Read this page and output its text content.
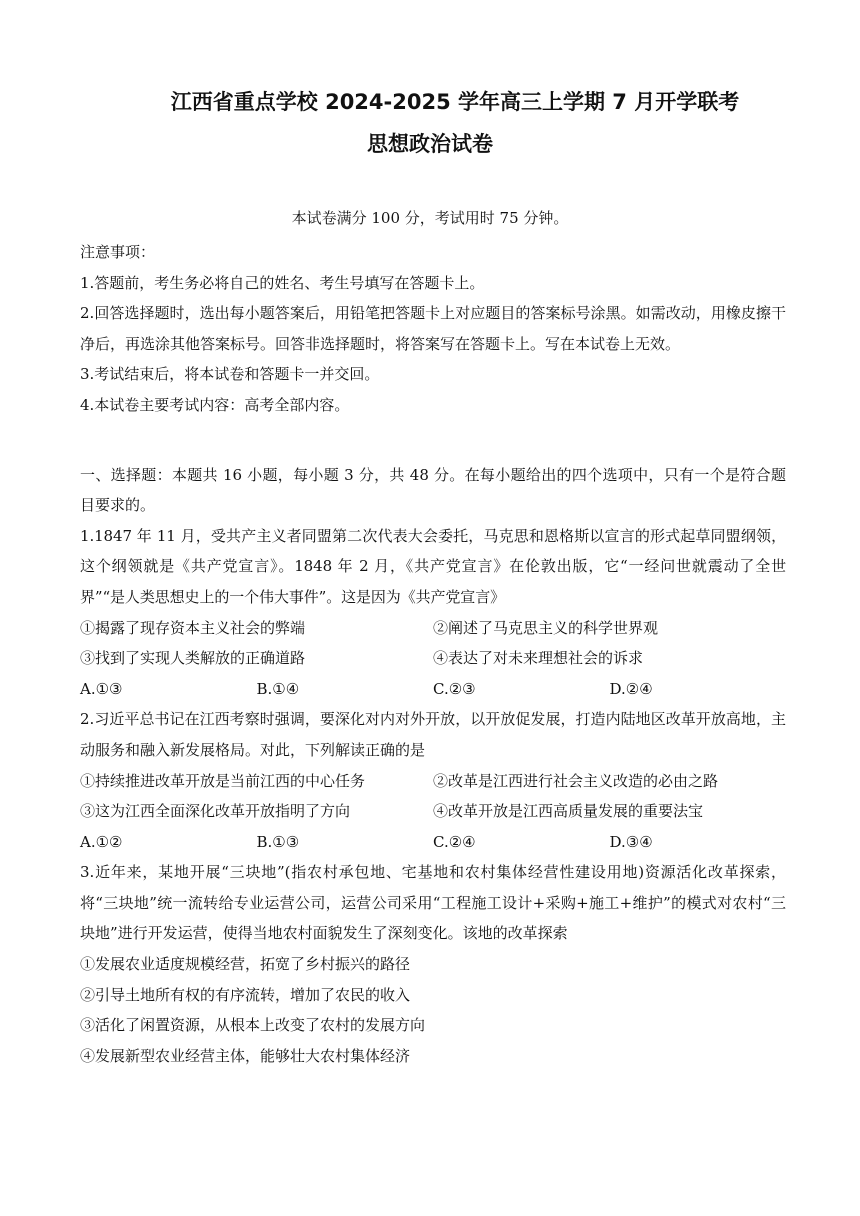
江西省重点学校 2024-2025 学年高三上学期 7 月开学联考
思想政治试卷
本试卷满分 100 分，考试用时 75 分钟。
注意事项：
1.答题前，考生务必将自己的姓名、考生号填写在答题卡上。
2.回答选择题时，选出每小题答案后，用铅笔把答题卡上对应题目的答案标号涂黑。如需改动，用橡皮擦干净后，再选涂其他答案标号。回答非选择题时，将答案写在答题卡上。写在本试卷上无效。
3.考试结束后，将本试卷和答题卡一并交回。
4.本试卷主要考试内容：高考全部内容。
一、选择题：本题共 16 小题，每小题 3 分，共 48 分。在每小题给出的四个选项中，只有一个是符合题目要求的。
1.1847 年 11 月，受共产主义者同盟第二次代表大会委托，马克思和恩格斯以宣言的形式起草同盟纲领，这个纲领就是《共产党宣言》。1848 年 2 月，《共产党宣言》在伦敦出版，它“一经问世就震动了全世界”“是人类思想史上的一个伟大事件”。这是因为《共产党宣言》
①揭露了现存资本主义社会的弊端	②阐述了马克思主义的科学世界观
③找到了实现人类解放的正确道路	④表达了对未来理想社会的诉求
A.①③	B.①④	C.②③	D.②④
2.习近平总书记在江西考察时强调，要深化对内对外开放，以开放促发展，打造内陆地区改革开放高地，主动服务和融入新发展格局。对此，下列解读正确的是
①持续推进改革开放是当前江西的中心任务	②改革是江西进行社会主义改造的必由之路
③这为江西全面深化改革开放指明了方向	④改革开放是江西高质量发展的重要法宝
A.①②	B.①③	C.②④	D.③④
3.近年来，某地开展“三块地”(指农村承包地、宅基地和农村集体经营性建设用地)资源活化改革探索，将“三块地”统一流转给专业运营公司，运营公司采用“工程施工设计+采购+施工+维护”的模式对农村“三块地”进行开发运营，使得当地农村面貌发生了深刻变化。该地的改革探索
①发展农业适度规模经营，拓宽了乡村振兴的路径
②引导土地所有权的有序流转，增加了农民的收入
③活化了闲置资源，从根本上改变了农村的发展方向
④发展新型农业经营主体，能够壮大农村集体经济
